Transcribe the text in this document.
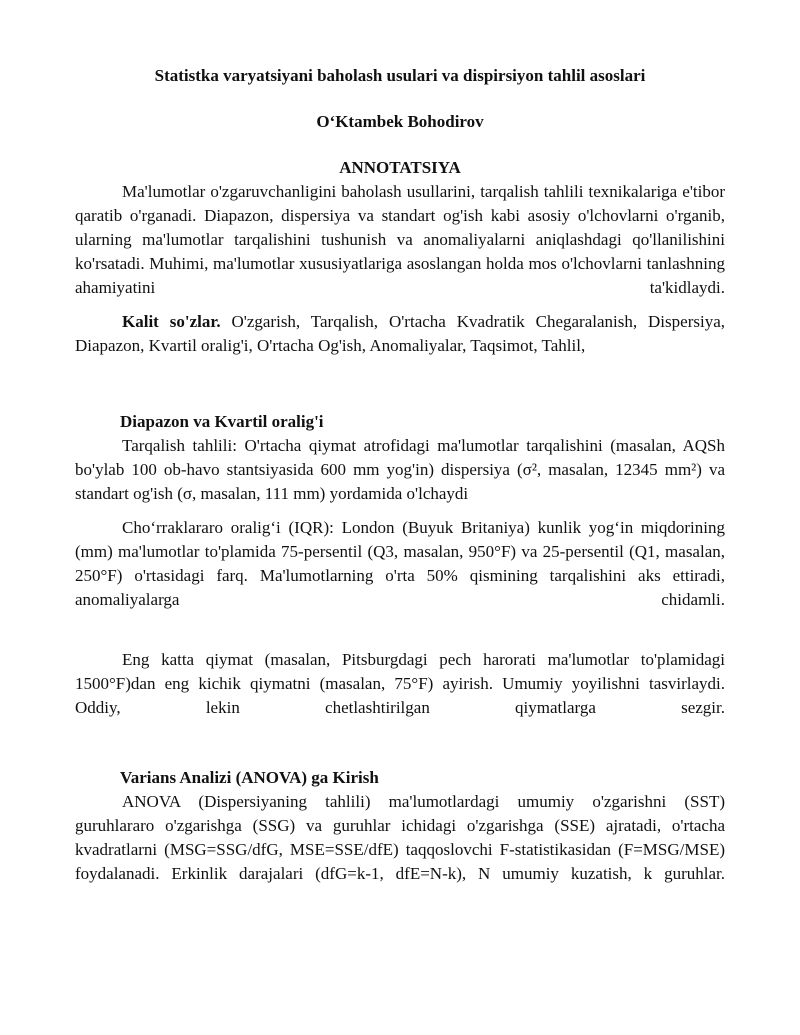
Statistka varyatsiyani baholash usulari va dispirsiyon tahlil asoslari
O‘Ktambek Bohodirov
ANNOTATSIYA

Ma'lumotlar o'zgaruvchanligini baholash usullarini, tarqalish tahlili texnikalariga e'tibor qaratib o'rganadi. Diapazon, dispersiya va standart og'ish kabi asosiy o'lchovlarni o'rganib, ularning ma'lumotlar tarqalishini tushunish va anomaliyalarni aniqlashdagi qo'llanilishini ko'rsatadi. Muhimi, ma'lumotlar xususiyatlariga asoslangan holda mos o'lchovlarni tanlashning ahamiyatini ta'kidlaydi.

Kalit so'zlar. O'zgarish, Tarqalish, O'rtacha Kvadratik Chegaralanish, Dispersiya, Diapazon, Kvartil oralig'i, O'rtacha Og'ish, Anomaliyalar, Taqsimot, Tahlil,

Diapazon va Kvartil oralig'i

Tarqalish tahlili: O'rtacha qiymat atrofidagi ma'lumotlar tarqalishini (masalan, AQSh bo'ylab 100 ob-havo stantsiyasida 600 mm yog'in) dispersiya (σ², masalan, 12345 mm²) va standart og'ish (σ, masalan, 111 mm) yordamida o'lchaydi

Cho‘rraklararo oralig‘i (IQR): London (Buyuk Britaniya) kunlik yog‘in miqdorining (mm) ma'lumotlar to'plamida 75-persentil (Q3, masalan, 950°F) va 25-persentil (Q1, masalan, 250°F) o'rtasidagi farq. Ma'lumotlarning o'rta 50% qismining tarqalishini aks ettiradi, anomaliyalarga chidamli.

Eng katta qiymat (masalan, Pitsburgdagi pech harorati ma'lumotlar to'plamidagi 1500°F)dan eng kichik qiymatni (masalan, 75°F) ayirish. Umumiy yoyilishni tasvirlaydi. Oddiy, lekin chetlashtirilgan qiymatlarga sezgir.

Varians Analizi (ANOVA) ga Kirish

ANOVA (Dispersiyaning tahlili) ma'lumotlardagi umumiy o'zgarishni (SST) guruhlararo o'zgarishga (SSG) va guruhlar ichidagi o'zgarishga (SSE) ajratadi, o'rtacha kvadratlarni (MSG=SSG/dfG, MSE=SSE/dfE) taqqoslovchi F-statistikasidan (F=MSG/MSE) foydalanadi. Erkinlik darajalari (dfG=k-1, dfE=N-k), N umumiy kuzatish, k guruhlar.
